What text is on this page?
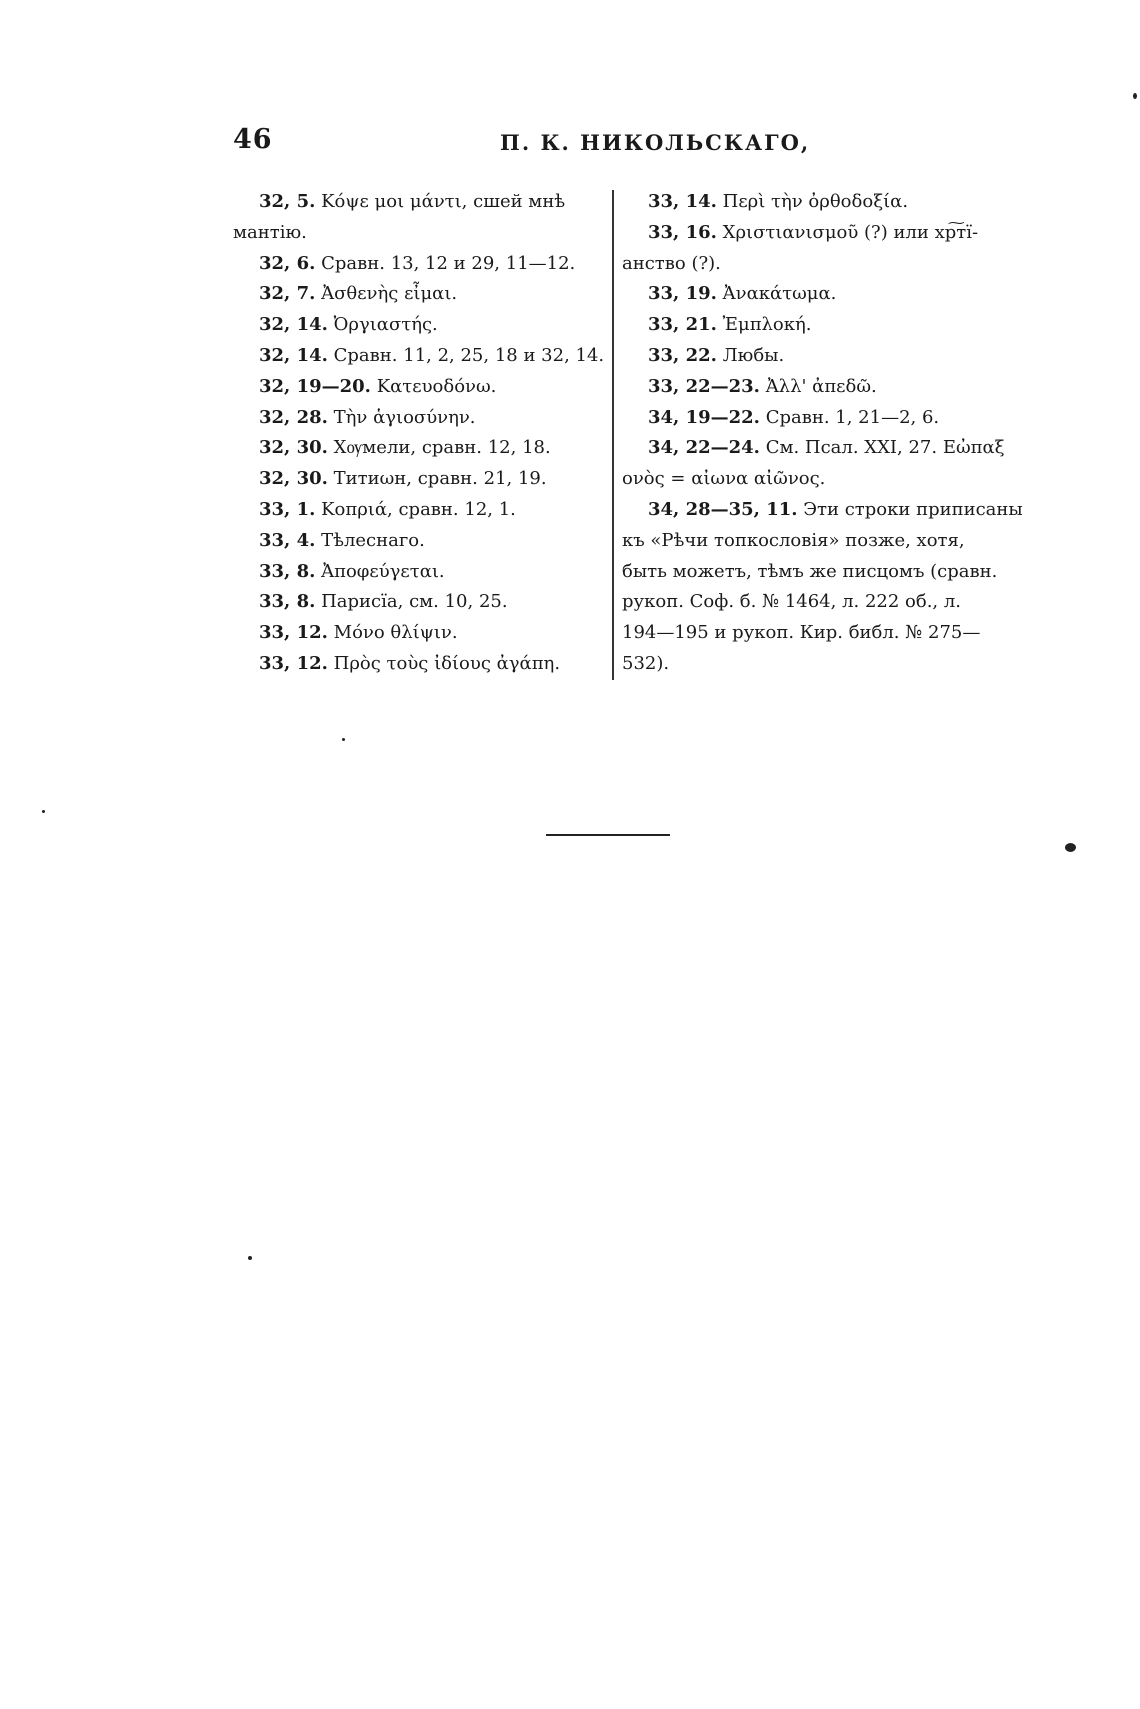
46	П. К. НИКОЛЬСКАГО,
32, 5. Κόψε μοι μάντι, сшей мнѣ
мантію.
32, 6. Сравн. 13, 12 и 29, 11—12.
32, 7. Ἀσθενὴς εἶμαι.
32, 14. Ὀργιαστής.
32, 14. Сравн. 11, 2, 25, 18 и 32, 14.
32, 19—20. Κατευοδόνω.
32, 28. Τὴν ἁγιοσύνην.
32, 30. Хѹмели, сравн. 12, 18.
32, 30. Титиωн, сравн. 21, 19.
33, 1. Κοπριά, сравн. 12, 1.
33, 4. Тѣлеснаго.
33, 8. Ἀποφεύγεται.
33, 8. Парисїа, см. 10, 25.
33, 12. Μόνο θλίψιν.
33, 12. Πρὸς τοὺς ἰδίους ἀγάπη.
33, 14. Περὶ τὴν ὀρθοδοξία.
33, 16. Χριστιανισμοῦ (?) или хр͠тї-
анство (?).
33, 19. Ἀνακάτωμα.
33, 21. Ἐμπλοκή.
33, 22. Любы.
33, 22—23. Ἀλλ' ἀπεδῶ.
34, 19—22. Сравн. 1, 21—2, 6.
34, 22—24. См. Псал. XXI, 27. Εὠπαξ
ονὸς = αἰωνα αἰῶνος.
34, 28—35, 11. Эти строки приписаны
къ «Рѣчи топкословія» позже, хотя,
быть можетъ, тѣмъ же писцомъ (сравн.
рукоп. Соф. б. № 1464, л. 222 об., л.
194—195 и рукоп. Кир. библ. № 275—
532).
